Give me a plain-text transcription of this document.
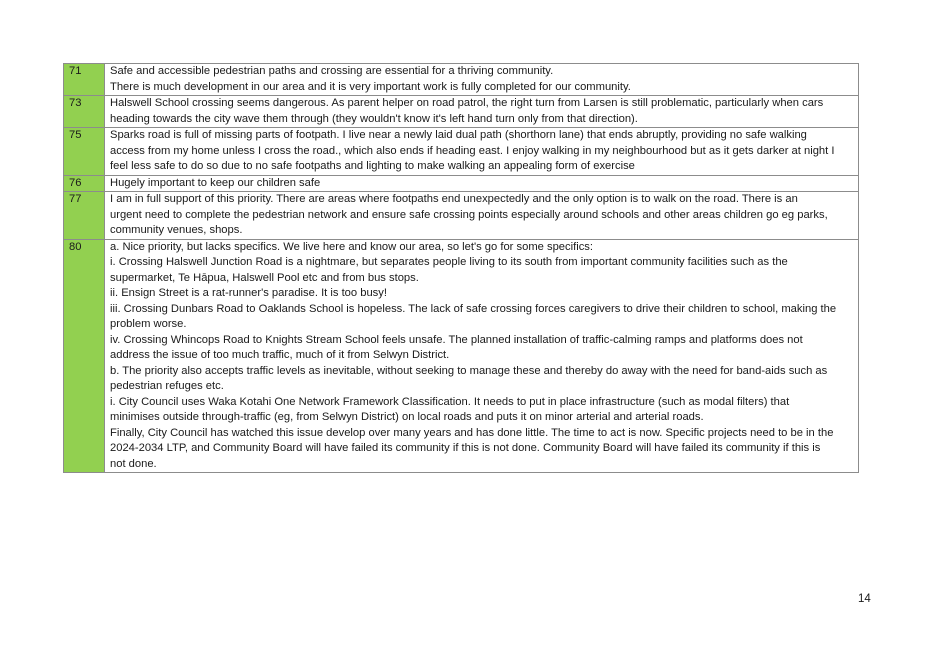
71	Safe and accessible pedestrian paths and crossing are essential for a thriving community.
There is much development in our area and it is very important work is fully completed for our community.

73	Halswell School crossing seems dangerous. As parent helper on road patrol, the right turn from Larsen is still problematic, particularly when cars
heading towards the city wave them through (they wouldn't know it's left hand turn only from that direction).

75	Sparks road is full of missing parts of footpath. I live near a newly laid dual path (shorthorn lane) that ends abruptly, providing no safe walking
access from my home unless I cross the road., which also ends if heading east. I enjoy walking in my neighbourhood but as it gets darker at night I
feel less safe to do so due to no safe footpaths and lighting to make walking an appealing form of exercise

76	Hugely important to keep our children safe

77	I am in full support of this priority. There are areas where footpaths end unexpectedly and the only option is to walk on the road. There is an
urgent need to complete the pedestrian network and ensure safe crossing points especially around schools and other areas children go eg parks,
community venues, shops.

80	a. Nice priority, but lacks specifics. We live here and know our area, so let's go for some specifics:
i. Crossing Halswell Junction Road is a nightmare, but separates people living to its south from important community facilities such as the
supermarket, Te Hāpua, Halswell Pool etc and from bus stops.
ii. Ensign Street is a rat-runner's paradise. It is too busy!
iii. Crossing Dunbars Road to Oaklands School is hopeless. The lack of safe crossing forces caregivers to drive their children to school, making the
problem worse.
iv. Crossing Whincops Road to Knights Stream School feels unsafe. The planned installation of traffic-calming ramps and platforms does not
address the issue of too much traffic, much of it from Selwyn District.
b. The priority also accepts traffic levels as inevitable, without seeking to manage these and thereby do away with the need for band-aids such as
pedestrian refuges etc.
i. City Council uses Waka Kotahi One Network Framework Classification. It needs to put in place infrastructure (such as modal filters) that
minimises outside through-traffic (eg, from Selwyn District) on local roads and puts it on minor arterial and arterial roads.
Finally, City Council has watched this issue develop over many years and has done little. The time to act is now. Specific projects need to be in the
2024-2034 LTP, and Community Board will have failed its community if this is not done. Community Board will have failed its community if this is
not done.
14
